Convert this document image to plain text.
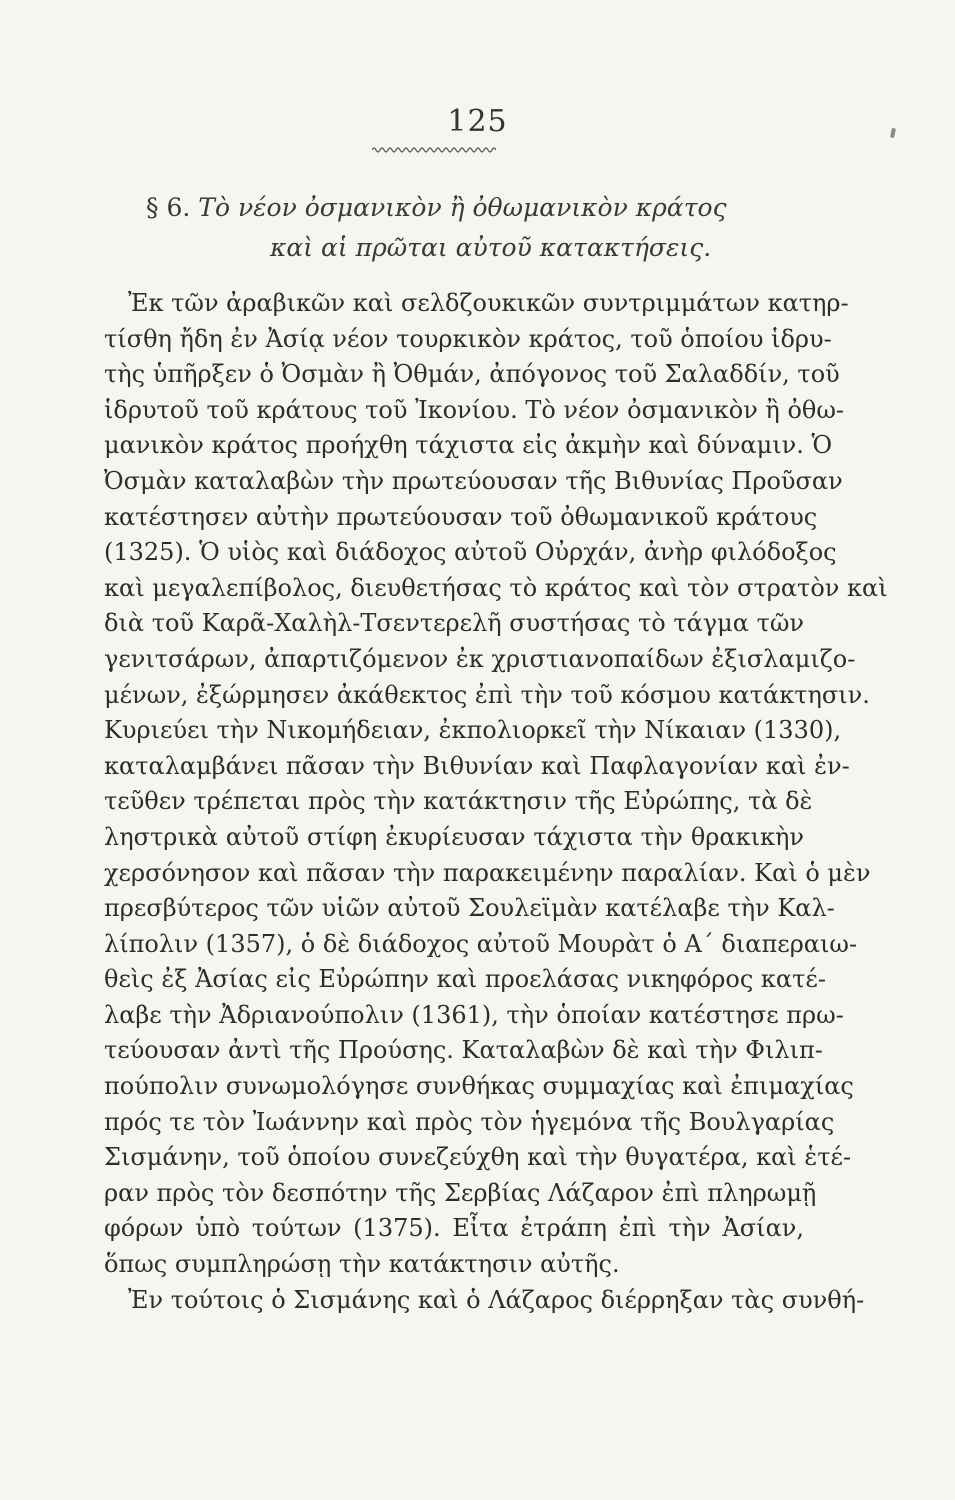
125
§ 6. Τὸ νέον ὀσμανικὸν ἢ ὀθωμανικὸν κράτος
καὶ αἱ πρῶται αὐτοῦ κατακτήσεις.
Ἐκ τῶν ἀραβικῶν καὶ σελδζουκικῶν συντριμμάτων κατηρ-
τίσθη ἤδη ἐν Ἀσίᾳ νέον τουρκικὸν κράτος, τοῦ ὁποίου ἱδρυ-
τὴς ὑπῆρξεν ὁ Ὀσμὰν ἢ Ὀθμάν, ἀπόγονος τοῦ Σαλαδδίν, τοῦ
ἱδρυτοῦ τοῦ κράτους τοῦ Ἰκονίου. Τὸ νέον ὀσμανικὸν ἢ ὀθω-
μανικὸν κράτος προήχθη τάχιστα εἰς ἀκμὴν καὶ δύναμιν. Ὁ
Ὀσμὰν καταλαβὼν τὴν πρωτεύουσαν τῆς Βιθυνίας Προῦσαν
κατέστησεν αὐτὴν πρωτεύουσαν τοῦ ὀθωμανικοῦ κράτους
(1325). Ὁ υἱὸς καὶ διάδοχος αὐτοῦ Οὐρχάν, ἀνὴρ φιλόδοξος
καὶ μεγαλεπίβολος, διευθετήσας τὸ κράτος καὶ τὸν στρατὸν καὶ
διὰ τοῦ Καρᾶ-Χαλὴλ-Τσεντερελῆ συστήσας τὸ τάγμα τῶν
γενιτσάρων, ἀπαρτιζόμενον ἐκ χριστιανοπαίδων ἐξισλαμιζο-
μένων, ἐξώρμησεν ἀκάθεκτος ἐπὶ τὴν τοῦ κόσμου κατάκτησιν.
Κυριεύει τὴν Νικομήδειαν, ἐκπολιορκεῖ τὴν Νίκαιαν (1330),
καταλαμβάνει πᾶσαν τὴν Βιθυνίαν καὶ Παφλαγονίαν καὶ ἐν-
τεῦθεν τρέπεται πρὸς τὴν κατάκτησιν τῆς Εὐρώπης, τὰ δὲ
ληστρικὰ αὐτοῦ στίφη ἐκυρίευσαν τάχιστα τὴν θρακικὴν
χερσόνησον καὶ πᾶσαν τὴν παρακειμένην παραλίαν. Καὶ ὁ μὲν
πρεσβύτερος τῶν υἱῶν αὐτοῦ Σουλεϊμὰν κατέλαβε τὴν Καλ-
λίπολιν (1357), ὁ δὲ διάδοχος αὐτοῦ Μουρὰτ ὁ Α΄ διαπεραιω-
θεὶς ἐξ Ἀσίας εἰς Εὐρώπην καὶ προελάσας νικηφόρος κατέ-
λαβε τὴν Ἀδριανούπολιν (1361), τὴν ὁποίαν κατέστησε πρω-
τεύουσαν ἀντὶ τῆς Προύσης. Καταλαβὼν δὲ καὶ τὴν Φιλιπ-
πούπολιν συνωμολόγησε συνθήκας συμμαχίας καὶ ἐπιμαχίας
πρός τε τὸν Ἰωάννην καὶ πρὸς τὸν ἡγεμόνα τῆς Βουλγαρίας
Σισμάνην, τοῦ ὁποίου συνεζεύχθη καὶ τὴν θυγατέρα, καὶ ἑτέ-
ραν πρὸς τὸν δεσπότην τῆς Σερβίας Λάζαρον ἐπὶ πληρωμῇ
φόρων ὑπὸ τούτων (1375). Εἶτα ἐτράπη ἐπὶ τὴν Ἀσίαν,
ὅπως συμπληρώσῃ τὴν κατάκτησιν αὐτῆς.
Ἐν τούτοις ὁ Σισμάνης καὶ ὁ Λάζαρος διέρρηξαν τὰς συνθή-
